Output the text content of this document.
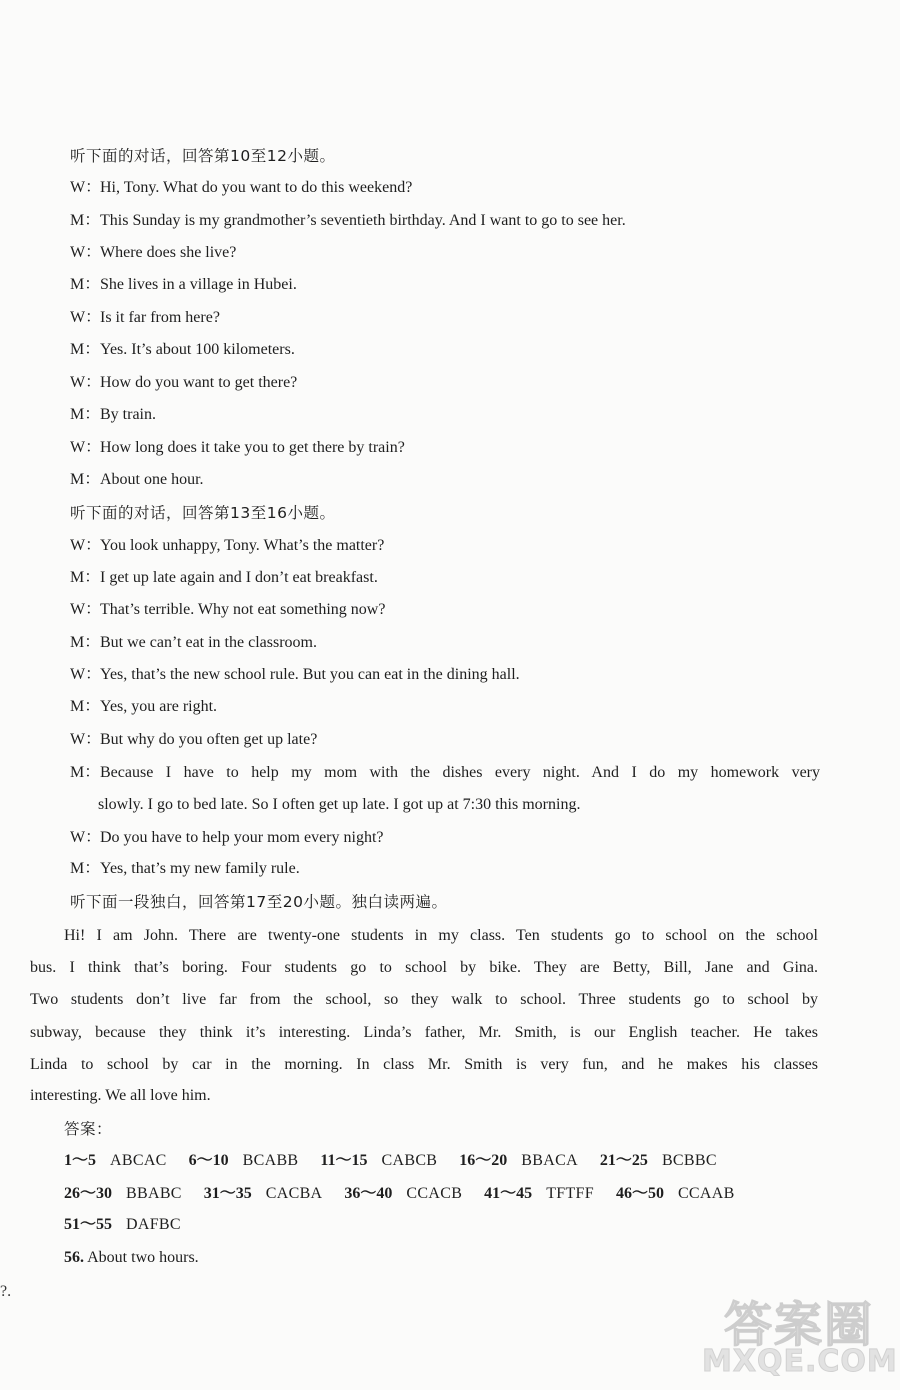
听下面的对话，回答第10至12小题。
W：Hi, Tony. What do you want to do this weekend?
M：This Sunday is my grandmother’s seventieth birthday. And I want to go to see her.
W：Where does she live?
M：She lives in a village in Hubei.
W：Is it far from here?
M：Yes. It’s about 100 kilometers.
W：How do you want to get there?
M：By train.
W：How long does it take you to get there by train?
M：About one hour.
听下面的对话，回答第13至16小题。
W：You look unhappy, Tony. What’s the matter?
M：I get up late again and I don’t eat breakfast.
W：That’s terrible. Why not eat something now?
M：But we can’t eat in the classroom.
W：Yes, that’s the new school rule. But you can eat in the dining hall.
M：Yes, you are right.
W：But why do you often get up late?
M：Because I have to help my mom with the dishes every night. And I do my homework very
slowly. I go to bed late. So I often get up late. I got up at 7:30 this morning.
W：Do you have to help your mom every night?
M：Yes, that’s my new family rule.
听下面一段独白，回答第17至20小题。独白读两遍。
Hi! I am John. There are twenty-one students in my class. Ten students go to school on the school
bus. I think that’s boring. Four students go to school by bike. They are Betty, Bill, Jane and Gina.
Two students don’t live far from the school, so they walk to school. Three students go to school by
subway, because they think it’s interesting. Linda’s father, Mr. Smith, is our English teacher. He takes
Linda to school by car in the morning. In class Mr. Smith is very fun, and he makes his classes
interesting. We all love him.
答案：
1～5 ABCAC 6～10 BCABB 11～15 CABCB 16～20 BBACA 21～25 BCBBC
26～30 BBABC 31～35 CACBA 36～40 CCACB 41～45 TFTFF 46～50 CCAAB
51～55 DAFBC
56. About two hours.
?.
答案圈
MXQE.COM
